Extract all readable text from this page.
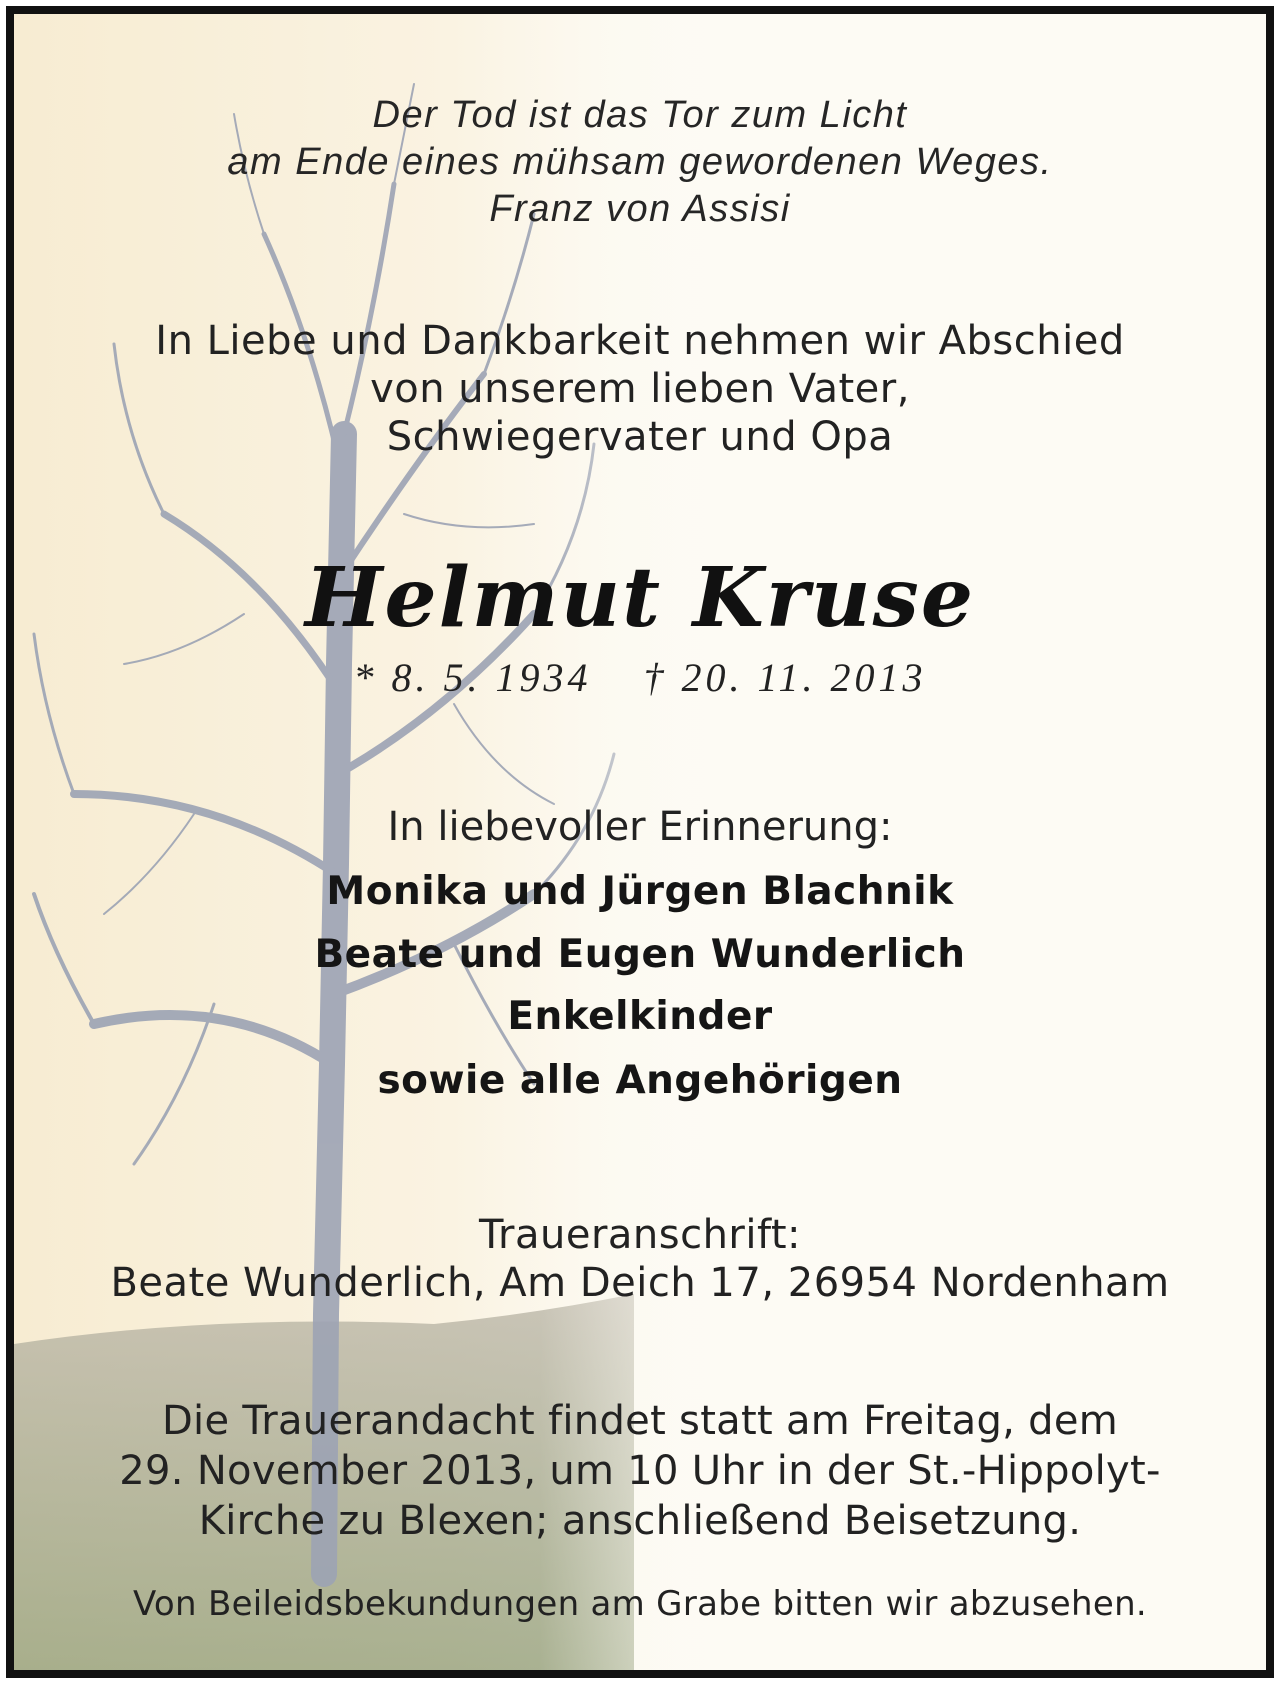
Der Tod ist das Tor zum Licht
am Ende eines mühsam gewordenen Weges.
Franz von Assisi
In Liebe und Dankbarkeit nehmen wir Abschied
von unserem lieben Vater,
Schwiegervater und Opa
Helmut Kruse
* 8. 5. 1934 † 20. 11. 2013
In liebevoller Erinnerung:
Monika und Jürgen Blachnik
Beate und Eugen Wunderlich
Enkelkinder
sowie alle Angehörigen
Traueranschrift:
Beate Wunderlich, Am Deich 17, 26954 Nordenham
Die Trauerandacht findet statt am Freitag, dem
29. November 2013, um 10 Uhr in der St.-Hippolyt-
Kirche zu Blexen; anschließend Beisetzung.
Von Beileidsbekundungen am Grabe bitten wir abzusehen.
